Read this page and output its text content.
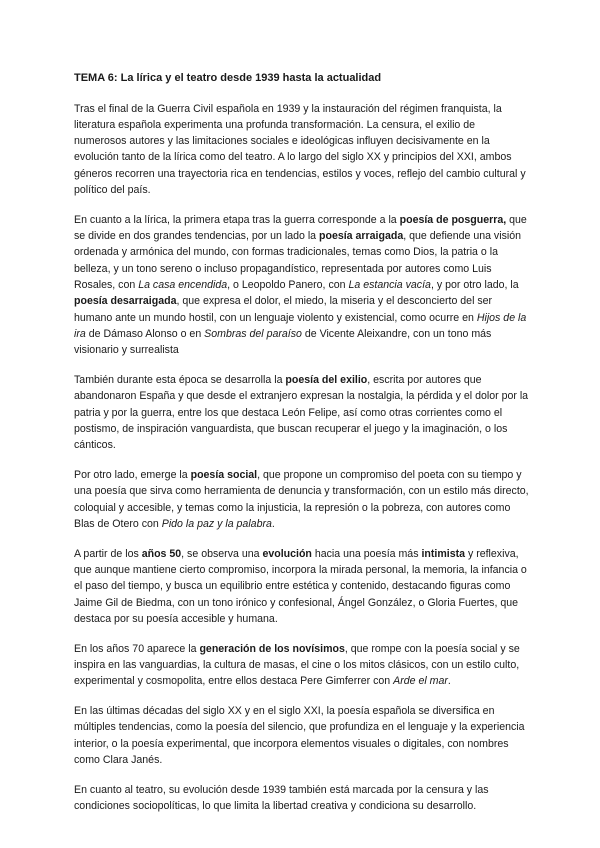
TEMA 6: La lírica y el teatro desde 1939 hasta la actualidad

Tras el final de la Guerra Civil española en 1939 y la instauración del régimen franquista, la literatura española experimenta una profunda transformación. La censura, el exilio de numerosos autores y las limitaciones sociales e ideológicas influyen decisivamente en la evolución tanto de la lírica como del teatro. A lo largo del siglo XX y principios del XXI, ambos géneros recorren una trayectoria rica en tendencias, estilos y voces, reflejo del cambio cultural y político del país.

En cuanto a la lírica, la primera etapa tras la guerra corresponde a la poesía de posguerra, que se divide en dos grandes tendencias, por un lado la poesía arraigada, que defiende una visión ordenada y armónica del mundo, con formas tradicionales, temas como Dios, la patria o la belleza, y un tono sereno o incluso propagandístico, representada por autores como Luis Rosales, con La casa encendida, o Leopoldo Panero, con La estancia vacía, y por otro lado, la poesía desarraigada, que expresa el dolor, el miedo, la miseria y el desconcierto del ser humano ante un mundo hostil, con un lenguaje violento y existencial, como ocurre en Hijos de la ira de Dámaso Alonso o en Sombras del paraíso de Vicente Aleixandre, con un tono más visionario y surrealista

También durante esta época se desarrolla la poesía del exilio, escrita por autores que abandonaron España y que desde el extranjero expresan la nostalgia, la pérdida y el dolor por la patria y por la guerra, entre los que destaca León Felipe, así como otras corrientes como el postismo, de inspiración vanguardista, que buscan recuperar el juego y la imaginación, o los cánticos.

Por otro lado, emerge la poesía social, que propone un compromiso del poeta con su tiempo y una poesía que sirva como herramienta de denuncia y transformación, con un estilo más directo, coloquial y accesible, y temas como la injusticia, la represión o la pobreza, con autores como Blas de Otero con Pido la paz y la palabra.

A partir de los años 50, se observa una evolución hacia una poesía más intimista y reflexiva, que aunque mantiene cierto compromiso, incorpora la mirada personal, la memoria, la infancia o el paso del tiempo, y busca un equilibrio entre estética y contenido, destacando figuras como Jaime Gil de Biedma, con un tono irónico y confesional, Ángel González, o Gloria Fuertes, que destaca por su poesía accesible y humana.

En los años 70 aparece la generación de los novísimos, que rompe con la poesía social y se inspira en las vanguardias, la cultura de masas, el cine o los mitos clásicos, con un estilo culto, experimental y cosmopolita, entre ellos destaca Pere Gimferrer con Arde el mar.

En las últimas décadas del siglo XX y en el siglo XXI, la poesía española se diversifica en múltiples tendencias, como la poesía del silencio, que profundiza en el lenguaje y la experiencia interior, o la poesía experimental, que incorpora elementos visuales o digitales, con nombres como Clara Janés.

En cuanto al teatro, su evolución desde 1939 también está marcada por la censura y las condiciones sociopolíticas, lo que limita la libertad creativa y condiciona su desarrollo.
